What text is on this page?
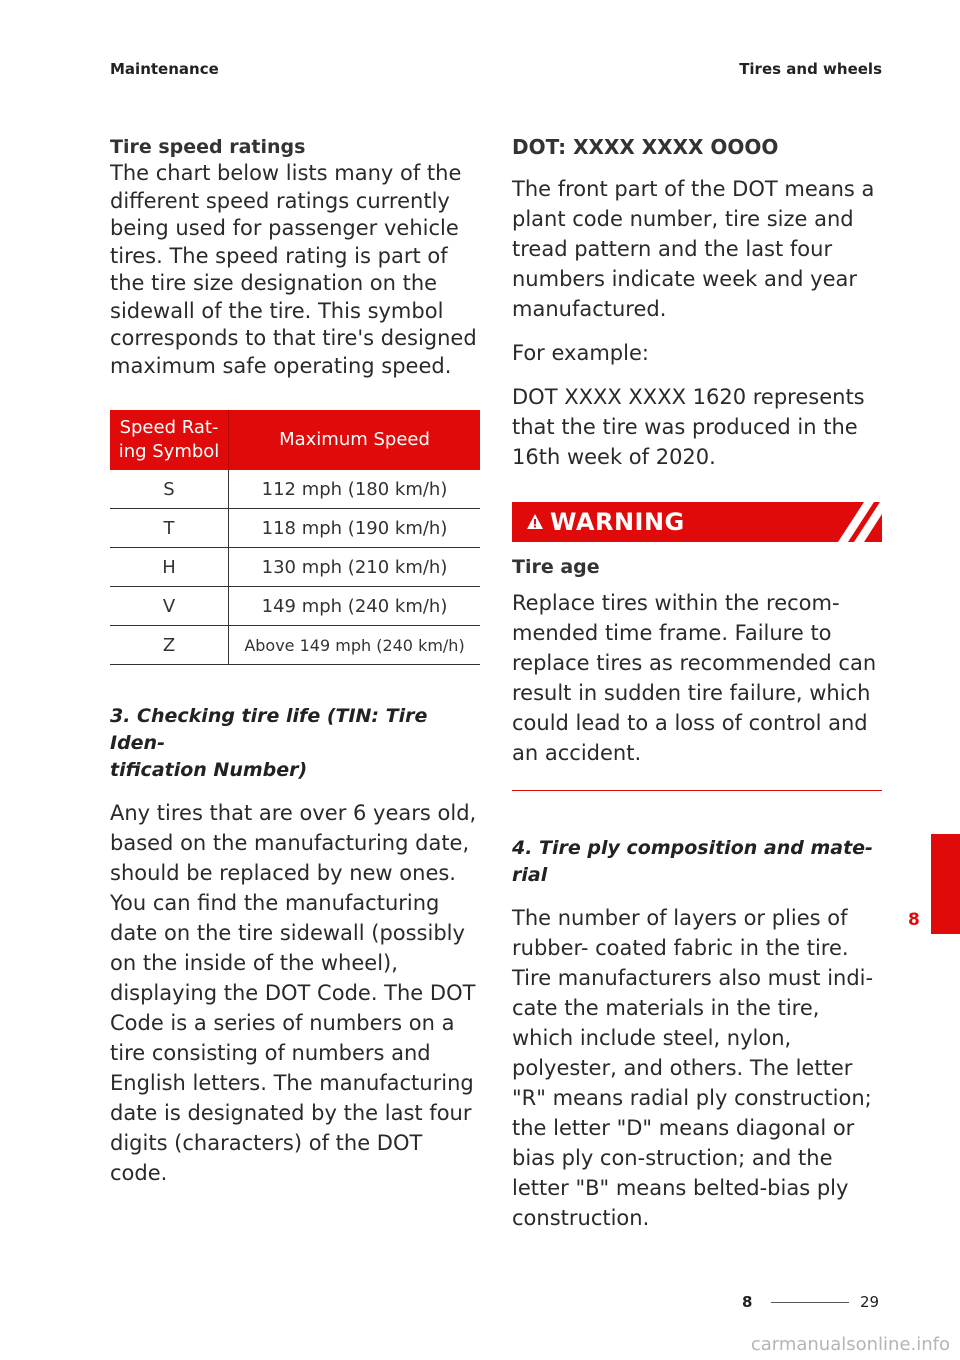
Maintenance	Tires and wheels
Tire speed ratings

The chart below lists many of the different speed ratings currently being used for passenger vehicle tires. The speed rating is part of the tire size designation on the sidewall of the tire. This symbol corresponds to that tire's designed maximum safe operating speed.

Speed Rat-
ing Symbol	Maximum Speed
S	112 mph (180 km/h)
T	118 mph (190 km/h)
H	130 mph (210 km/h)
V	149 mph (240 km/h)
Z	Above 149 mph (240 km/h)
3. Checking tire life (TIN: Tire Iden-
tification Number)

Any tires that are over 6 years old, based on the manufacturing date, should be replaced by new ones. You can find the manufacturing date on the tire sidewall (possibly on the inside of the wheel), displaying the DOT Code. The DOT Code is a series of numbers on a tire consisting of numbers and English letters. The manufacturing date is designated by the last four digits (characters) of the DOT code.

DOT: XXXX XXXX OOOO

The front part of the DOT means a plant code number, tire size and tread pattern and the last four numbers indicate week and year manufactured.

For example:

DOT XXXX XXXX 1620 represents that the tire was produced in the 16th week of 2020.

WARNING
Tire age

Replace tires within the recom-mended time frame. Failure to replace tires as recommended can result in sudden tire failure, which could lead to a loss of control and an accident.

4. Tire ply composition and mate-
rial

The number of layers or plies of rubber- coated fabric in the tire. Tire manufacturers also must indi-cate the materials in the tire, which include steel, nylon, polyester, and others. The letter "R" means radial ply construction; the letter "D" means diagonal or bias ply con-struction; and the letter "B" means belted-bias ply construction.

8
8	29
carmanualsonline.info
